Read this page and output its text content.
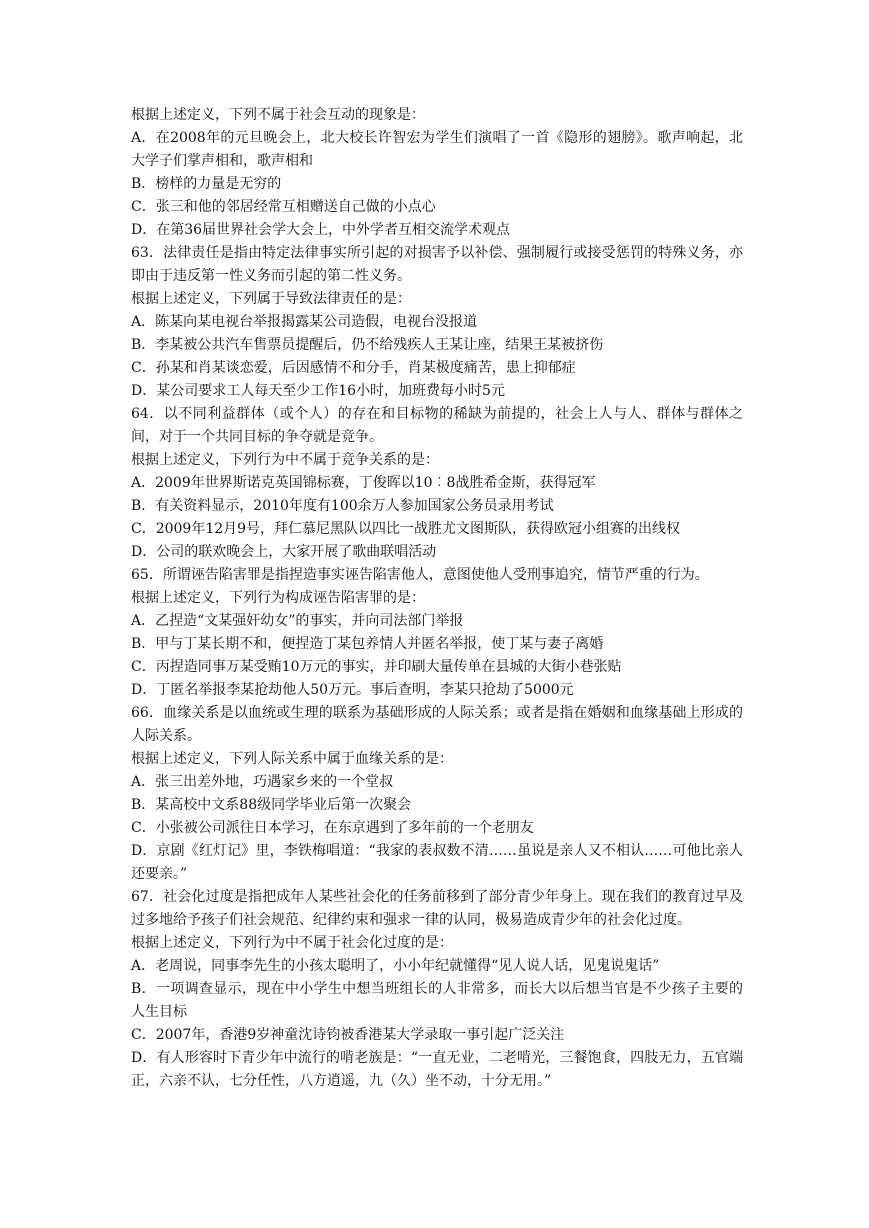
根据上述定义，下列不属于社会互动的现象是：

A．在2008年的元旦晚会上，北大校长许智宏为学生们演唱了一首《隐形的翅膀》。歌声响起，北大学子们掌声相和，歌声相和

B．榜样的力量是无穷的

C．张三和他的邻居经常互相赠送自己做的小点心

D．在第36届世界社会学大会上，中外学者互相交流学术观点

63．法律责任是指由特定法律事实所引起的对损害予以补偿、强制履行或接受惩罚的特殊义务，亦即由于违反第一性义务而引起的第二性义务。

根据上述定义，下列属于导致法律责任的是：

A．陈某向某电视台举报揭露某公司造假，电视台没报道

B．李某被公共汽车售票员提醒后，仍不给残疾人王某让座，结果王某被挤伤

C．孙某和肖某谈恋爱，后因感情不和分手，肖某极度痛苦，患上抑郁症

D．某公司要求工人每天至少工作16小时，加班费每小时5元

64．以不同利益群体（或个人）的存在和目标物的稀缺为前提的，社会上人与人、群体与群体之间，对于一个共同目标的争夺就是竞争。

根据上述定义，下列行为中不属于竞争关系的是：

A．2009年世界斯诺克英国锦标赛，丁俊晖以10︰8战胜希金斯，获得冠军

B．有关资料显示，2010年度有100余万人参加国家公务员录用考试

C．2009年12月9号，拜仁慕尼黑队以四比一战胜尤文图斯队，获得欧冠小组赛的出线权

D．公司的联欢晚会上，大家开展了歌曲联唱活动

65．所谓诬告陷害罪是指捏造事实诬告陷害他人，意图使他人受刑事追究，情节严重的行为。

根据上述定义，下列行为构成诬告陷害罪的是：

A．乙捏造“文某强奸幼女”的事实，并向司法部门举报

B．甲与丁某长期不和，便捏造丁某包养情人并匿名举报，使丁某与妻子离婚

C．丙捏造同事万某受贿10万元的事实，并印刷大量传单在县城的大街小巷张贴

D．丁匿名举报李某抢劫他人50万元。事后查明，李某只抢劫了5000元

66．血缘关系是以血统或生理的联系为基础形成的人际关系；或者是指在婚姻和血缘基础上形成的人际关系。

根据上述定义，下列人际关系中属于血缘关系的是：

A．张三出差外地，巧遇家乡来的一个堂叔

B．某高校中文系88级同学毕业后第一次聚会

C．小张被公司派往日本学习，在东京遇到了多年前的一个老朋友

D．京剧《红灯记》里，李铁梅唱道：“我家的表叔数不清……虽说是亲人又不相认……可他比亲人还要亲。”

67．社会化过度是指把成年人某些社会化的任务前移到了部分青少年身上。现在我们的教育过早及过多地给予孩子们社会规范、纪律约束和强求一律的认同，极易造成青少年的社会化过度。

根据上述定义，下列行为中不属于社会化过度的是：

A．老周说，同事李先生的小孩太聪明了，小小年纪就懂得“见人说人话，见鬼说鬼话”

B．一项调查显示，现在中小学生中想当班组长的人非常多，而长大以后想当官是不少孩子主要的人生目标

C．2007年，香港9岁神童沈诗钧被香港某大学录取一事引起广泛关注

D．有人形容时下青少年中流行的啃老族是：“一直无业，二老啃光，三餐饱食，四肢无力，五官端正，六亲不认，七分任性，八方逍遥，九（久）坐不动，十分无用。”
